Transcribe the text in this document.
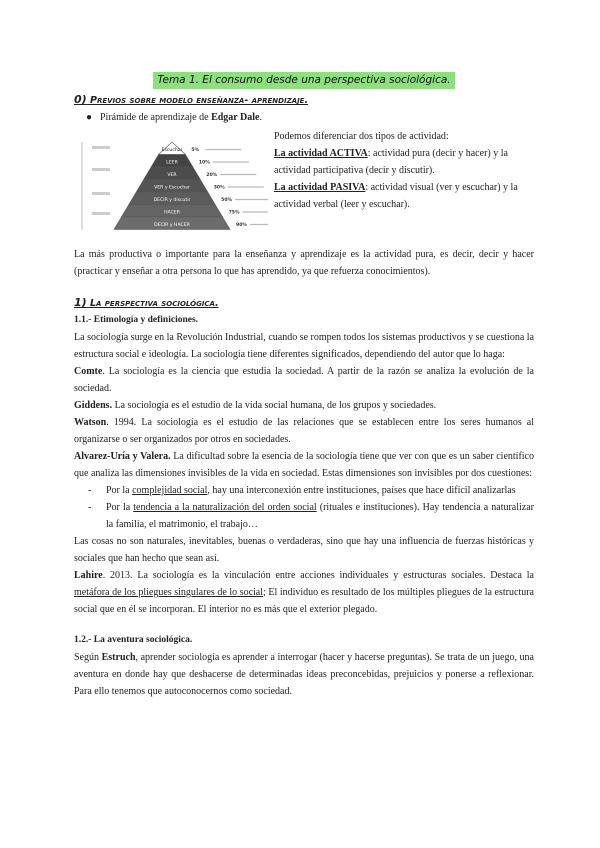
Tema 1. El consumo desde una perspectiva sociológica.

0) Previos sobre modelo enseñanza- aprendizaje.

● Pirámide de aprendizaje de Edgar Dale.
Escuchar 5%
LEER	10%
VER	20%
VER y Escuchar	30%
DECIR y discutir	50%
HACER	75%
DECIR y HACER	90%

Podemos diferenciar dos tipos de actividad:

La actividad ACTIVA: actividad pura (decir y hacer) y la actividad participativa (decir y discutir).

La actividad PASIVA: actividad visual (ver y escuchar) y la actividad verbal (leer y escuchar).

La más productiva o importante para la enseñanza y aprendizaje es la actividad pura, es decir, decir y hacer (practicar y enseñar a otra persona lo que has aprendido, ya que refuerza conocimientos).

1) La perspectiva sociológica.

1.1.- Etimología y definiciones.

La sociología surge en la Revolución Industrial, cuando se rompen todos los sistemas productivos y se cuestiona la estructura social e ideología. La sociología tiene diferentes significados, dependiendo del autor que lo haga:

Comte. La sociología es la ciencia que estudia la sociedad. A partir de la razón se analiza la evolución de la sociedad.

Giddens. La sociología es el estudio de la vida social humana, de los grupos y sociedades.

Watson. 1994. La sociología es el estudio de las relaciones que se establecen entre los seres humanos al organizarse o ser organizados por otros en sociedades.

Alvarez-Uría y Valera. La dificultad sobre la esencia de la sociología tiene que ver con que es un saber científico que analiza las dimensiones invisibles de la vida en sociedad. Estas dimensiones son invisibles por dos cuestiones:

-	Por la complejidad social, hay una interconexión entre instituciones, países que hace difícil analizarlas
-	Por la tendencia a la naturalización del orden social (rituales e instituciones). Hay tendencia a naturalizar la familia, el matrimonio, el trabajo…

Las cosas no son naturales, inevitables, buenas o verdaderas, sino que hay una influencia de fuerzas históricas y sociales que han hecho que sean así.

Lahire. 2013. La sociología es la vinculación entre acciones individuales y estructuras sociales. Destaca la metáfora de los pliegues singulares de lo social; El individuo es resultado de los múltiples pliegues de la estructura social que en él se incorporan. El interior no es más que el exterior plegado.

1.2.- La aventura sociológica.

Según Estruch, aprender sociología es aprender a interrogar (hacer y hacerse preguntas). Se trata de un juego, una aventura en donde hay que deshacerse de determinadas ideas preconcebidas, prejuicios y ponerse a reflexionar. Para ello tenemos que autoconocernos como sociedad.
